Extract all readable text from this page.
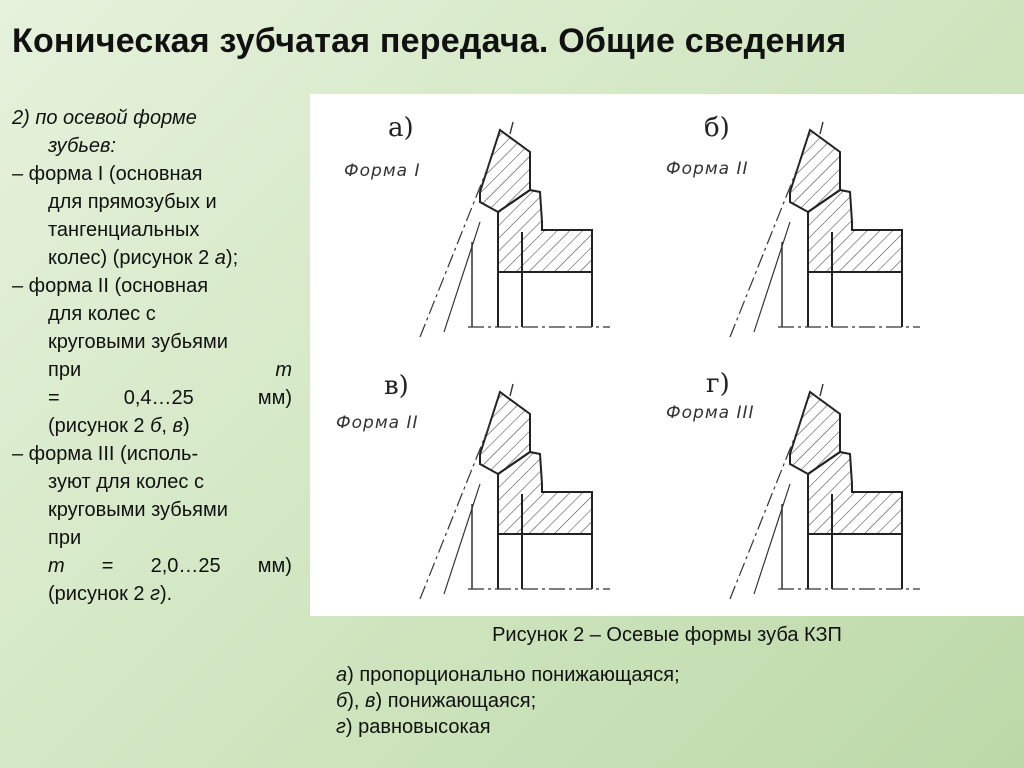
Коническая зубчатая передача. Общие сведения

2) по осевой форме

зубьев:

– форма I (основная

для прямозубых и

тангенциальных

колес) (рисунок 2 а);

– форма II (основная

для колес с

круговыми зубьями

при	m

=	0,4…25	мм)

(рисунок 2 б, в)

– форма III (исполь-

зуют для колес с

круговыми зубьями

при

m = 2,0…25 мм)

(рисунок 2 г).

а)
Форма I
б)
Форма II
в)
Форма II
г)
Форма III

Рисунок 2 – Осевые формы зуба КЗП

а) пропорционально понижающаяся;

б), в) понижающаяся;

г) равновысокая
